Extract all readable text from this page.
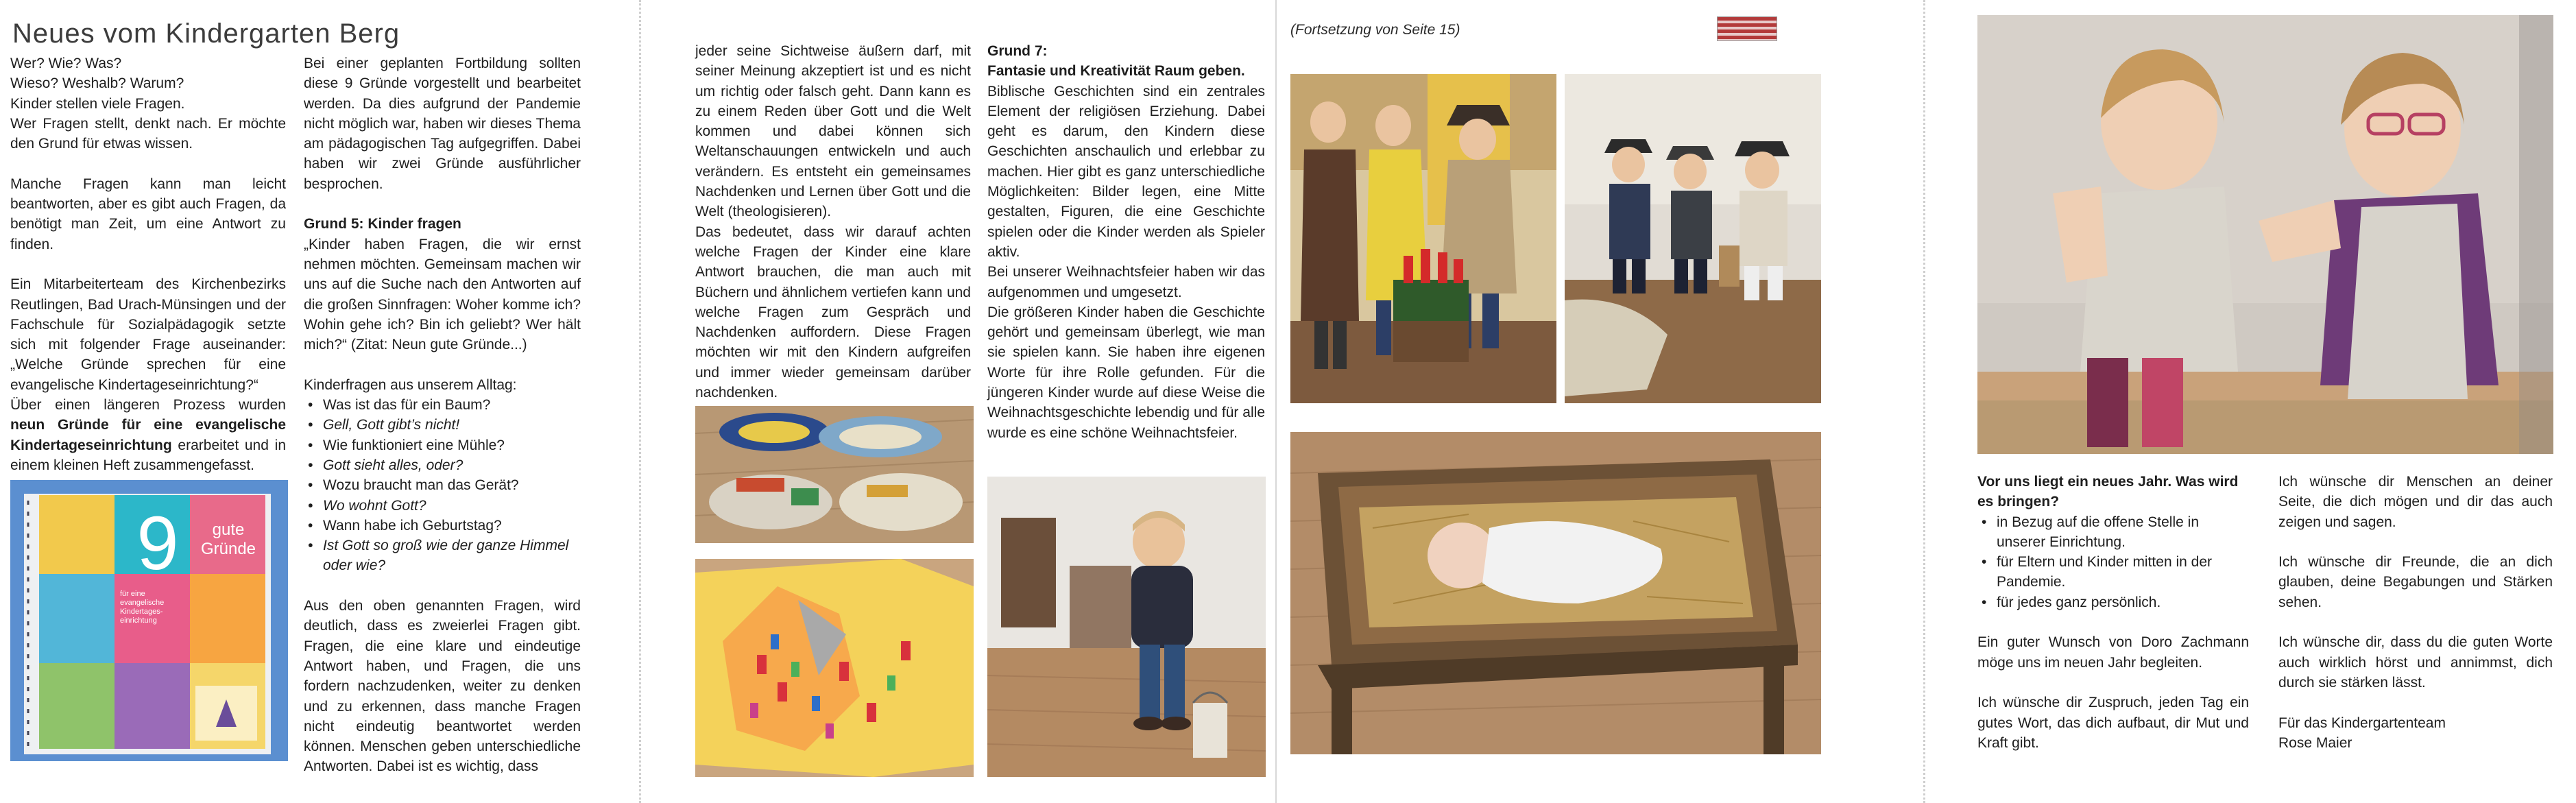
Neues vom Kindergarten Berg

Wer? Wie? Was?
Wieso? Weshalb? Warum?
Kinder stellen viele Fragen.

Wer Fragen stellt, denkt nach. Er möchte den Grund für etwas wissen.

Manche Fragen kann man leicht beantworten, aber es gibt auch Fragen, da benötigt man Zeit, um eine Antwort zu finden.

Ein Mitarbeiterteam des Kirchenbezirks Reutlingen, Bad Urach-Münsingen und der Fachschule für Sozialpädagogik setzte sich mit folgender Frage auseinander: „Welche Gründe sprechen für eine evangelische Kindertageseinrichtung?“

Über einen längeren Prozess wurden neun Gründe für eine evangelische Kindertageseinrichtung erarbeitet und in einem kleinen Heft zusammengefasst.

9 gute
Gründe
für eine evangelische Kindertages-einrichtung

Bei einer geplanten Fortbildung sollten diese 9 Gründe vorgestellt und bearbeitet werden. Da dies aufgrund der Pandemie nicht möglich war, haben wir dieses Thema am pädagogischen Tag aufgegriffen. Dabei haben wir zwei Gründe ausführlicher besprochen.

Grund 5: Kinder fragen

„Kinder haben Fragen, die wir ernst nehmen möchten. Gemeinsam machen wir uns auf die Suche nach den Antworten auf die großen Sinnfragen: Woher komme ich? Wohin gehe ich? Bin ich geliebt? Wer hält mich?“ (Zitat: Neun gute Gründe...)

Kinderfragen aus unserem Alltag:

• Was ist das für ein Baum?
• Gell, Gott gibt’s nicht!
• Wie funktioniert eine Mühle?
• Gott sieht alles, oder?
• Wozu braucht man das Gerät?
• Wo wohnt Gott?
• Wann habe ich Geburtstag?
• Ist Gott so groß wie der ganze Himmel oder wie?

Aus den oben genannten Fragen, wird deutlich, dass es zweierlei Fragen gibt. Fragen, die eine klare und eindeutige Antwort haben, und Fragen, die uns fordern nachzudenken, weiter zu denken und zu erkennen, dass manche Fragen nicht eindeutig beantwortet werden können. Menschen geben unterschiedliche Antworten. Dabei ist es wichtig, dass

jeder seine Sichtweise äußern darf, mit seiner Meinung akzeptiert ist und es nicht um richtig oder falsch geht. Dann kann es zu einem Reden über Gott und die Welt kommen und dabei können sich Weltanschauungen entwickeln und auch verändern. Es entsteht ein gemeinsames Nachdenken und Lernen über Gott und die Welt (theologisieren).

Das bedeutet, dass wir darauf achten welche Fragen der Kinder eine klare Antwort brauchen, die man auch mit Büchern und ähnlichem vertiefen kann und welche Fragen zum Gespräch und Nachdenken auffordern. Diese Fragen möchten wir mit den Kindern aufgreifen und immer wieder gemeinsam darüber nachdenken.

Grund 7:

Fantasie und Kreativität Raum geben.

Biblische Geschichten sind ein zentrales Element der religiösen Erziehung. Dabei geht es darum, den Kindern diese Geschichten anschaulich und erlebbar zu machen. Hier gibt es ganz unterschiedliche Möglichkeiten: Bilder legen, eine Mitte gestalten, Figuren, die eine Geschichte spielen oder die Kinder werden als Spieler aktiv.

Bei unserer Weihnachtsfeier haben wir das aufgenommen und umgesetzt.

Die größeren Kinder haben die Geschichte gehört und gemeinsam überlegt, wie man sie spielen kann. Sie haben ihre eigenen Worte für ihre Rolle gefunden. Für die jüngeren Kinder wurde auf diese Weise die Weihnachtsgeschichte lebendig und für alle wurde es eine schöne Weihnachtsfeier.

(Fortsetzung von Seite 15)

Vor uns liegt ein neues Jahr. Was wird es bringen?

• in Bezug auf die offene Stelle in unserer Einrichtung.
• für Eltern und Kinder mitten in der Pandemie.
• für jedes ganz persönlich.

Ein guter Wunsch von Doro Zachmann möge uns im neuen Jahr begleiten.

Ich wünsche dir Zuspruch, jeden Tag ein gutes Wort, das dich aufbaut, dir Mut und Kraft gibt.

Ich wünsche dir Menschen an deiner Seite, die dich mögen und dir das auch zeigen und sagen.

Ich wünsche dir Freunde, die an dich glauben, deine Begabungen und Stärken sehen.

Ich wünsche dir, dass du die guten Worte auch wirklich hörst und annimmst, dich durch sie stärken lässt.

Für das Kindergartenteam

Rose Maier
